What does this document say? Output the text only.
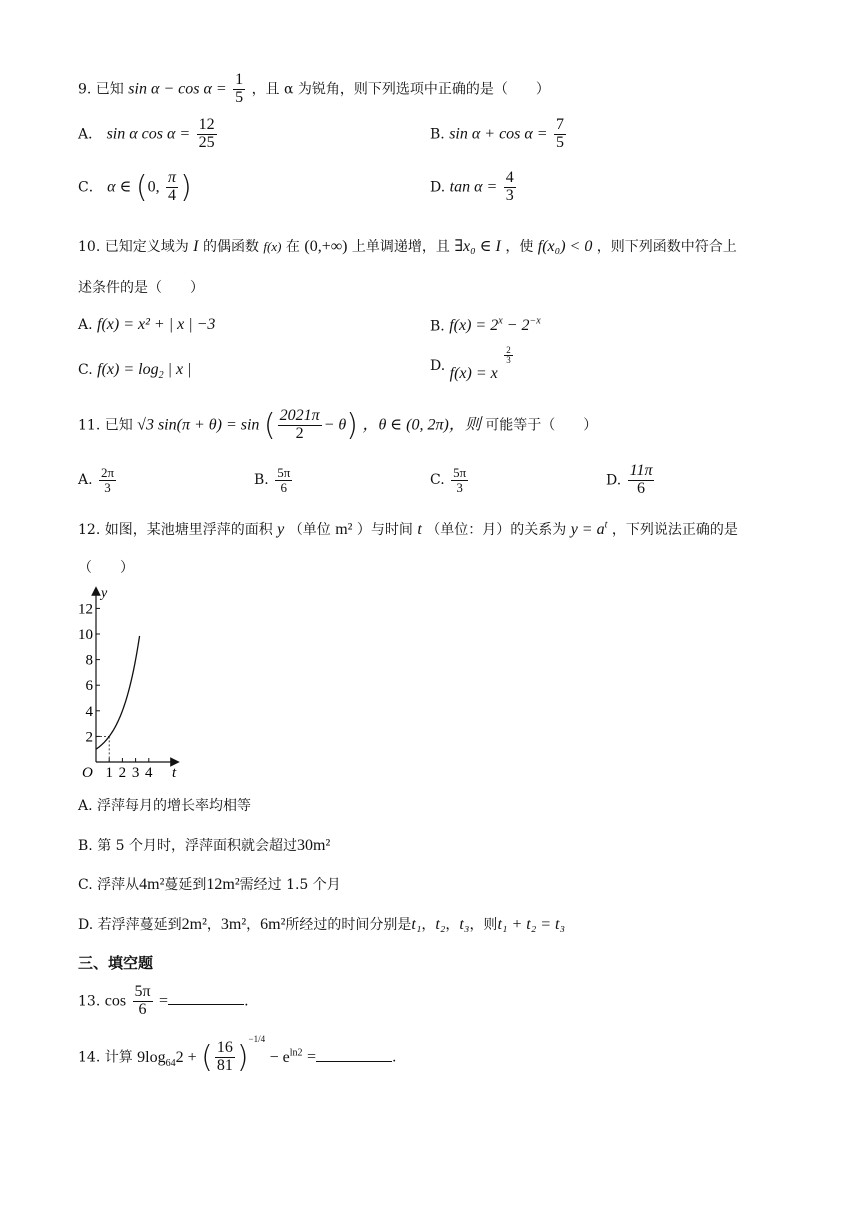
9. 已知 $\sin \alpha - \cos \alpha = \frac{1}{5}$ ，且 α 为锐角，则下列选项中正确的是（　　）
A． sin α $\cos \alpha = \frac{12}{25}$	B. $\sin \alpha + \cos \alpha = \frac{7}{5}$
C． α ∈ (0, $\frac{\pi}{4}$ )	D. $\tan \alpha = \frac{4}{3}$
10. 已知定义域为 I 的偶函数 f(x) 在 (0,+∞) 上单调递增，且 ∃x₀ ∈ I ，使 f(x₀) < 0 ，则下列函数中符合上
述条件的是（　　）
A. f(x) = x² + | x | −3	B. $f(x) = 2^x - 2^{-x}$
C. $f(x) = \log_2$ | x |	D. f(x) = x
$\frac{2}{3}$
11. 已知 √3 sin(π + θ) = sin ( $\frac{2021\pi}{2} - \theta$) ，θ ∈ (0, 2π)，则 可能等于（　　）
A. $\frac{2\pi}{3}$	B. $\frac{5\pi}{6}$	C. $\frac{5\pi}{3}$	D. $\frac{11\pi}{6}$
12. 如图，某池塘里浮萍的面积 y （单位 m² ）与时间 t （单位：月）的关系为 $y = a^t$ ，下列说法正确的是
（　　）
2
4
6
8
10
12
1 2 3 4
O	t
y
A. 浮萍每月的增长率均相等
B. 第 5 个月时，浮萍面积就会超过30m²
C. 浮萍从4m²蔓延到12m²需经过 1.5 个月
D. 若浮萍蔓延到2m²，3m²，6m²所经过的时间分别是t₁，t₂，t₃，则t₁ + t₂ = t₃
三、填空题
13. $\cos \frac{5\pi}{6}$ =	.
14. 计算 $9\log_{64}2$ + ( $\frac{16}{81} )^{-1/4} - e^{ln2}$ =	.
